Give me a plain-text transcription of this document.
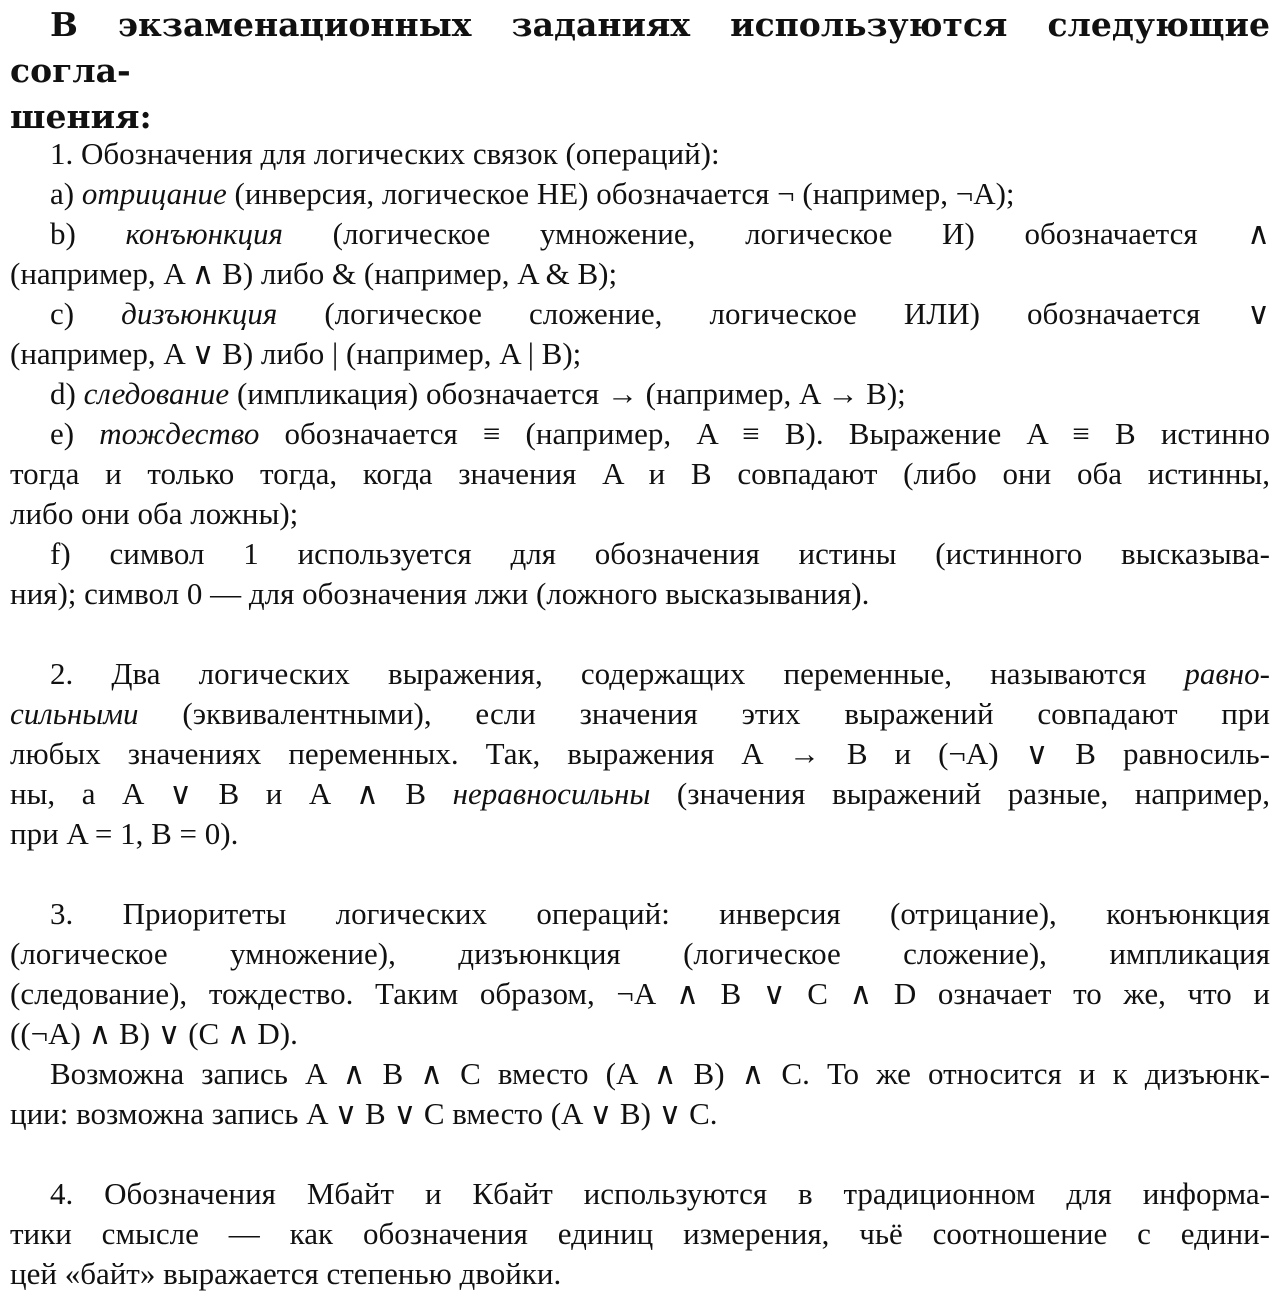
В экзаменационных заданиях используются следующие согла-
шения:
1. Обозначения для логических связок (операций):
а) отрицание (инверсия, логическое НЕ) обозначается ¬ (например, ¬A);
b) конъюнкция (логическое умножение, логическое И) обозначается ∧
(например, A ∧ B) либо & (например, A & B);
c) дизъюнкция (логическое сложение, логическое ИЛИ) обозначается ∨
(например, A ∨ B) либо | (например, A | B);
d) следование (импликация) обозначается → (например, A → B);
e) тождество обозначается ≡ (например, A ≡ B). Выражение A ≡ B истинно
тогда и только тогда, когда значения A и B совпадают (либо они оба истинны,
либо они оба ложны);
f) символ 1 используется для обозначения истины (истинного высказыва-
ния); символ 0 — для обозначения лжи (ложного высказывания).
2. Два логических выражения, содержащих переменные, называются равно-
сильными (эквивалентными), если значения этих выражений совпадают при
любых значениях переменных. Так, выражения A → B и (¬A) ∨ B равносиль-
ны, а A ∨ B и A ∧ B неравносильны (значения выражений разные, например,
при A = 1, B = 0).
3. Приоритеты логических операций: инверсия (отрицание), конъюнкция
(логическое умножение), дизъюнкция (логическое сложение), импликация
(следование), тождество. Таким образом, ¬A ∧ B ∨ C ∧ D означает то же, что и
((¬A) ∧ B) ∨ (C ∧ D).
Возможна запись A ∧ B ∧ C вместо (A ∧ B) ∧ C. То же относится и к дизъюнк-
ции: возможна запись A ∨ B ∨ C вместо (A ∨ B) ∨ C.
4. Обозначения Мбайт и Кбайт используются в традиционном для информа-
тики смысле — как обозначения единиц измерения, чьё соотношение с едини-
цей «байт» выражается степенью двойки.
